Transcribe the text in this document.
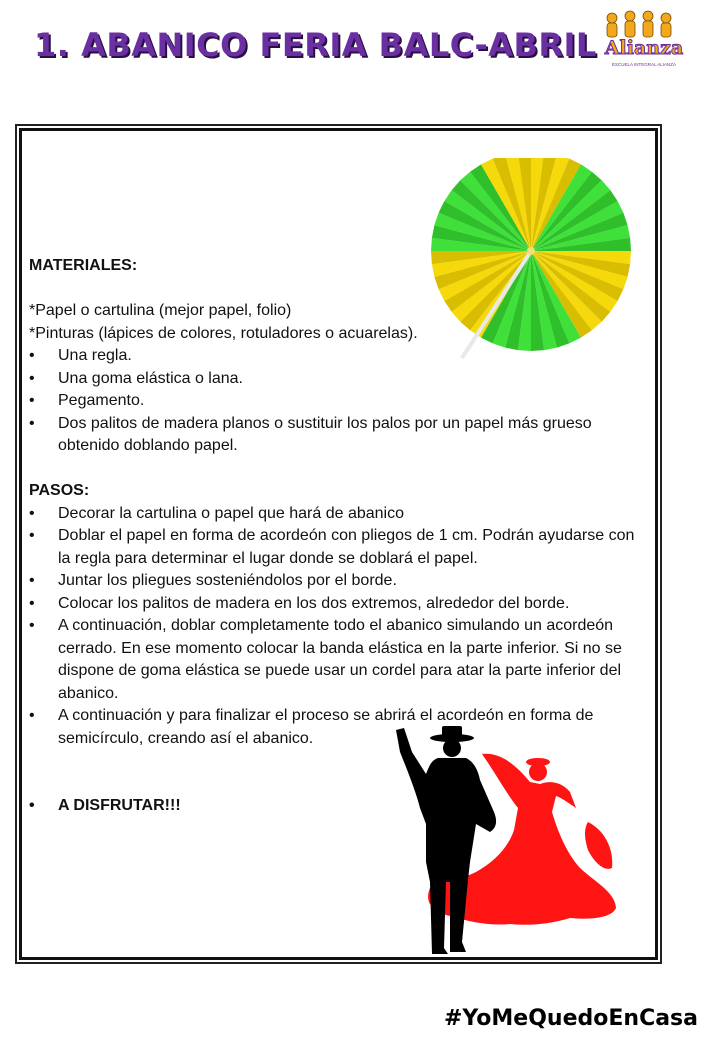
1. ABANICO FERIA BALC-ABRIL Alianza
ESCUELA INTEGRAL ALIANZA

MATERIALES:

*Papel o cartulina (mejor papel, folio)

*Pinturas (lápices de colores, rotuladores o acuarelas).

• Una regla.
• Una goma elástica o lana.
• Pegamento.
• Dos palitos de madera planos o sustituir los palos por un papel más grueso obtenido doblando papel.

PASOS:

• Decorar la cartulina o papel que hará de abanico
• Doblar el papel en forma de acordeón con pliegos de 1 cm. Podrán ayudarse con la regla para determinar el lugar donde se doblará el papel.
• Juntar los pliegues sosteniéndolos por el borde.
• Colocar los palitos de madera en los dos extremos, alrededor del borde.
• A continuación, doblar completamente todo el abanico simulando un acordeón cerrado. En ese momento colocar la banda elástica en la parte inferior. Si no se dispone de goma elástica se puede usar un cordel para atar la parte inferior del abanico.
• A continuación y para finalizar el proceso se abrirá el acordeón en forma de semicírculo, creando así el abanico.
• A DISFRUTAR!!!
#YoMeQuedoEnCasa
